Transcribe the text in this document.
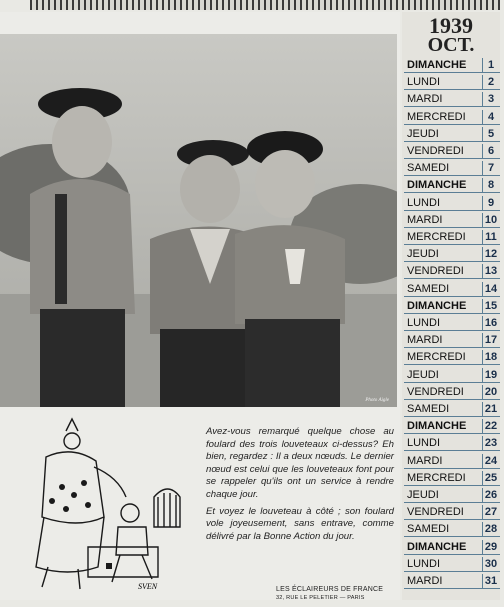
Photo Aigle
SVEN

Avez-vous remarqué quelque chose au foulard des trois louveteaux ci-dessus? Eh bien, regardez : Il a deux nœuds. Le dernier nœud est celui que les louveteaux font pour se rappeler qu'ils ont un service à rendre chaque jour.

Et voyez le louveteau à côté ; son foulard vole joyeusement, sans entrave, comme délivré par la Bonne Action du jour.

LES ÉCLAIREURS DE FRANCE
32, RUE LE PELETIER — PARIS
1939
OCT.
DIMANCHE	1
LUNDI	2
MARDI	3
MERCREDI	4
JEUDI	5
VENDREDI	6
SAMEDI	7
DIMANCHE	8
LUNDI	9
MARDI	10
MERCREDI 11
JEUDI	12
VENDREDI 13
SAMEDI	14
DIMANCHE 15
LUNDI	16
MARDI	17
MERCREDI 18
JEUDI	19
VENDREDI 20
SAMEDI	21
DIMANCHE 22
LUNDI	23
MARDI	24
MERCREDI 25
JEUDI	26
VENDREDI 27
SAMEDI	28
DIMANCHE 29
LUNDI	30
MARDI	31
